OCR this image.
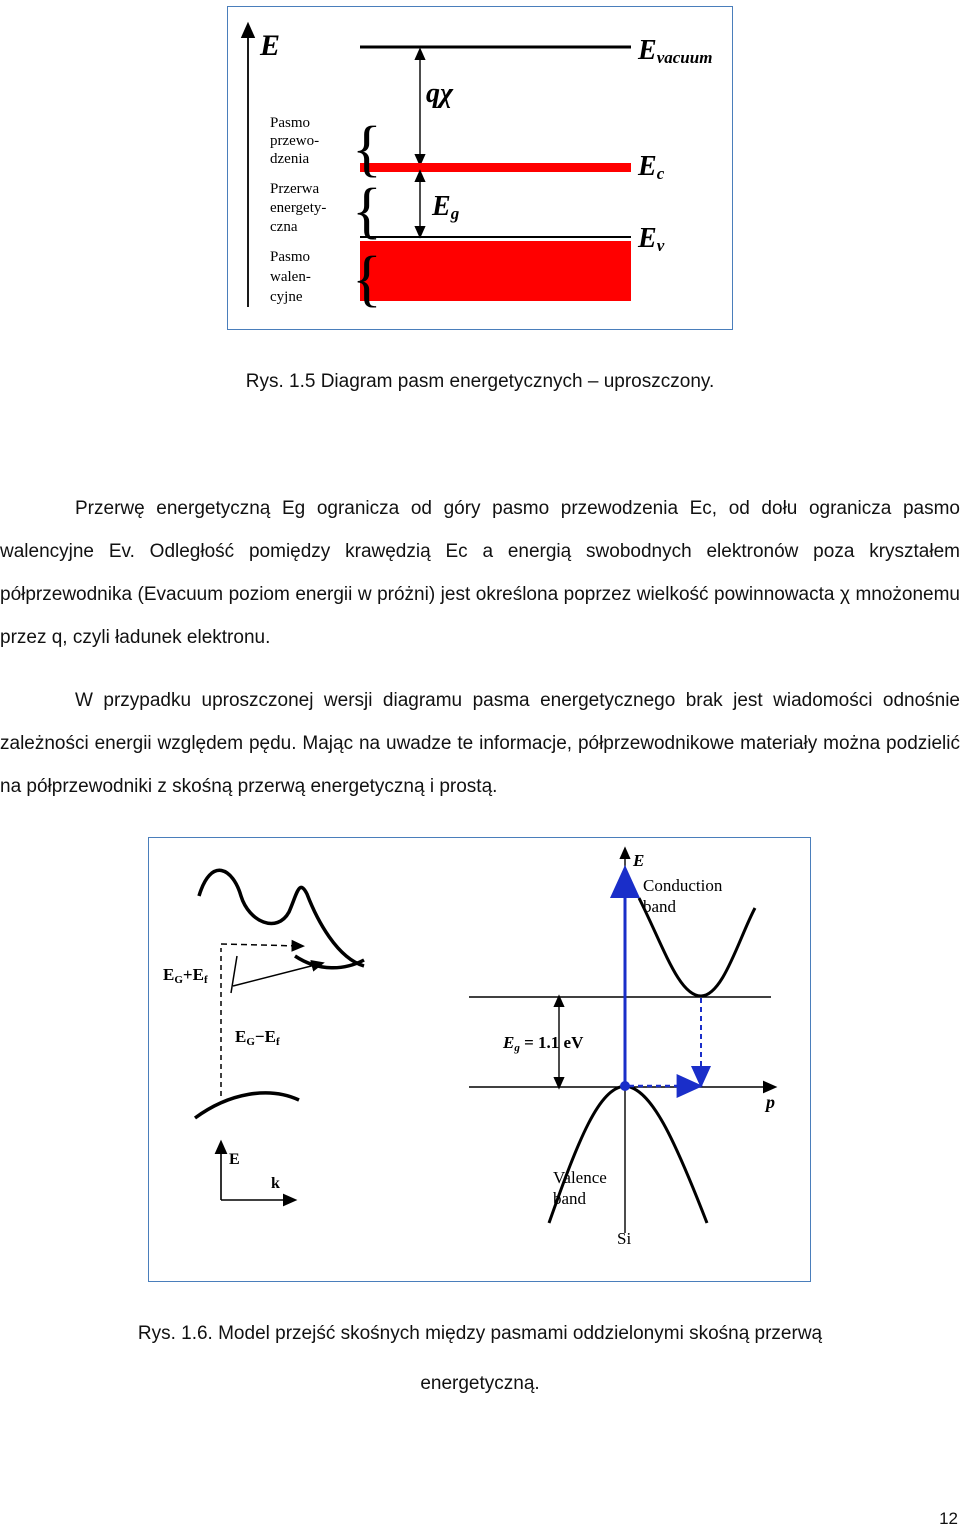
E	Evacuum
qχ
Ec
Eg
Ev
{
{
{
Pasmo
przewo-
dzenia
Przerwa
energety-
czna
Pasmo
walen-
cyjne
Rys. 1.5 Diagram pasm energetycznych – uproszczony.

Przerwę energetyczną Eg ogranicza od góry pasmo przewodzenia Ec, od dołu ogranicza pasmo walencyjne Ev. Odległość pomiędzy krawędzią Ec a energią swobodnych elektronów poza kryształem półprzewodnika (Evacuum poziom energii w próżni) jest określona poprzez wielkość powinnowacta χ mnożonemu przez q, czyli ładunek elektronu.

W przypadku uproszczonej wersji diagramu pasma energetycznego brak jest wiadomości odnośnie zależności energii względem pędu. Mając na uwadze te informacje, półprzewodnikowe materiały można podzielić na półprzewodniki z skośną przerwą energetyczną i prostą.

EG+Ef
EG−Ef
E
k
p
E
Conduction band
Valence band
Eg = 1.1 eV
Si
Rys. 1.6. Model przejść skośnych między pasmami oddzielonymi skośną przerwą
energetyczną.
12
